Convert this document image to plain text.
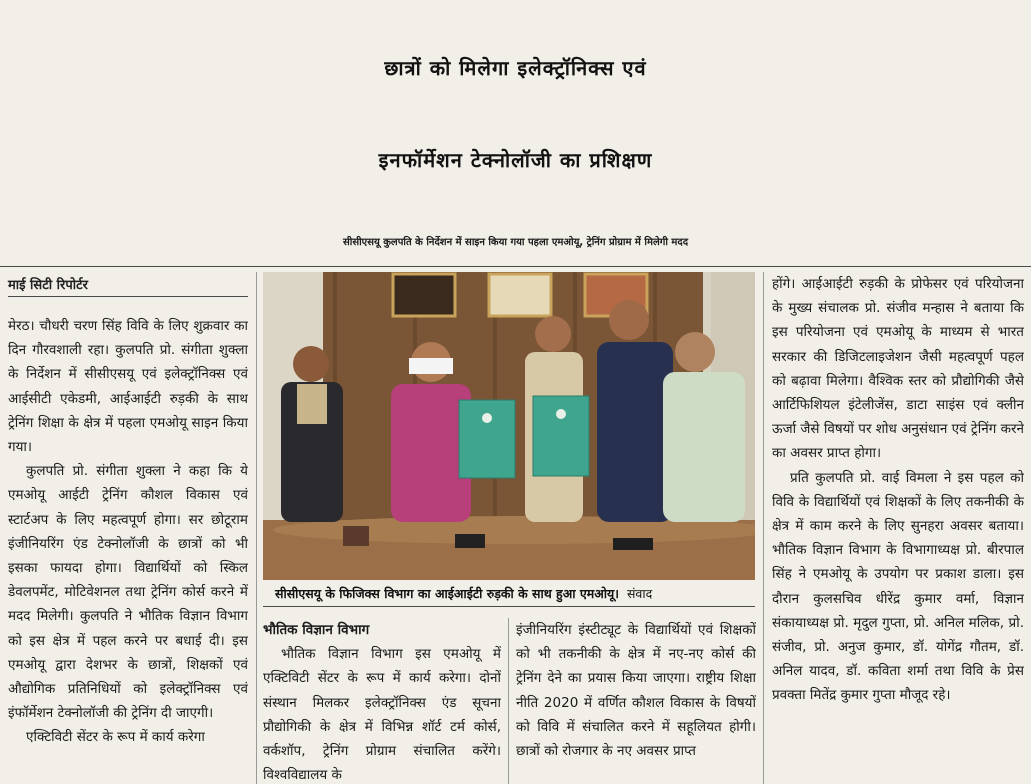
छात्रों को मिलेगा इलेक्ट्रॉनिक्स एवं
इनफॉर्मेशन टेक्नोलॉजी का प्रशिक्षण
सीसीएसयू कुलपति के निर्देशन में साइन किया गया पहला एमओयू, ट्रेनिंग प्रोग्राम में मिलेगी मदद
माई सिटी रिपोर्टर

मेरठ। चौधरी चरण सिंह विवि के लिए शुक्रवार का दिन गौरवशाली रहा। कुलपति प्रो. संगीता शुक्ला के निर्देशन में सीसीएसयू एवं इलेक्ट्रॉनिक्स एवं आईसीटी एकेडमी, आईआईटी रुड़की के साथ ट्रेनिंग शिक्षा के क्षेत्र में पहला एमओयू साइन किया गया।

कुलपति प्रो. संगीता शुक्ला ने कहा कि ये एमओयू आईटी ट्रेनिंग कौशल विकास एवं स्टार्टअप के लिए महत्वपूर्ण होगा। सर छोटूराम इंजीनियरिंग एंड टेक्नोलॉजी के छात्रों को भी इसका फायदा होगा। विद्यार्थियों को स्किल डेवलपमेंट, मोटिवेशनल तथा ट्रेनिंग कोर्स करने में मदद मिलेगी। कुलपति ने भौतिक विज्ञान विभाग को इस क्षेत्र में पहल करने पर बधाई दी। इस एमओयू द्वारा देशभर के छात्रों, शिक्षकों एवं औद्योगिक प्रतिनिधियों को इलेक्ट्रॉनिक्स एवं इंफॉर्मेशन टेक्नोलॉजी की ट्रेनिंग दी जाएगी।

एक्टिविटी सेंटर के रूप में कार्य करेगा

सीसीएसयू के फिजिक्स विभाग का आईआईटी रुड़की के साथ हुआ एमओयू। संवाद
भौतिक विज्ञान विभाग

भौतिक विज्ञान विभाग इस एमओयू में एक्टिविटी सेंटर के रूप में कार्य करेगा। दोनों संस्थान मिलकर इलेक्ट्रॉनिक्स एंड सूचना प्रौद्योगिकी के क्षेत्र में विभिन्न शॉर्ट टर्म कोर्स, वर्कशॉप, ट्रेनिंग प्रोग्राम संचालित करेंगे। विश्वविद्यालय के

इंजीनियरिंग इंस्टीट्यूट के विद्यार्थियों एवं शिक्षकों को भी तकनीकी के क्षेत्र में नए-नए कोर्स की ट्रेनिंग देने का प्रयास किया जाएगा। राष्ट्रीय शिक्षा नीति 2020 में वर्णित कौशल विकास के विषयों को विवि में संचालित करने में सहूलियत होगी। छात्रों को रोजगार के नए अवसर प्राप्त

होंगे। आईआईटी रुड़की के प्रोफेसर एवं परियोजना के मुख्य संचालक प्रो. संजीव मन्हास ने बताया कि इस परियोजना एवं एमओयू के माध्यम से भारत सरकार की डिजिटलाइजेशन जैसी महत्वपूर्ण पहल को बढ़ावा मिलेगा। वैश्विक स्तर को प्रौद्योगिकी जैसे आर्टिफिशियल इंटेलीजेंस, डाटा साइंस एवं क्लीन ऊर्जा जैसे विषयों पर शोध अनुसंधान एवं ट्रेनिंग करने का अवसर प्राप्त होगा।

प्रति कुलपति प्रो. वाई विमला ने इस पहल को विवि के विद्यार्थियों एवं शिक्षकों के लिए तकनीकी के क्षेत्र में काम करने के लिए सुनहरा अवसर बताया। भौतिक विज्ञान विभाग के विभागाध्यक्ष प्रो. बीरपाल सिंह ने एमओयू के उपयोग पर प्रकाश डाला। इस दौरान कुलसचिव धीरेंद्र कुमार वर्मा, विज्ञान संकायाध्यक्ष प्रो. मृदुल गुप्ता, प्रो. अनिल मलिक, प्रो. संजीव, प्रो. अनुज कुमार, डॉ. योगेंद्र गौतम, डॉ. अनिल यादव, डॉ. कविता शर्मा तथा विवि के प्रेस प्रवक्ता मितेंद्र कुमार गुप्ता मौजूद रहे।
